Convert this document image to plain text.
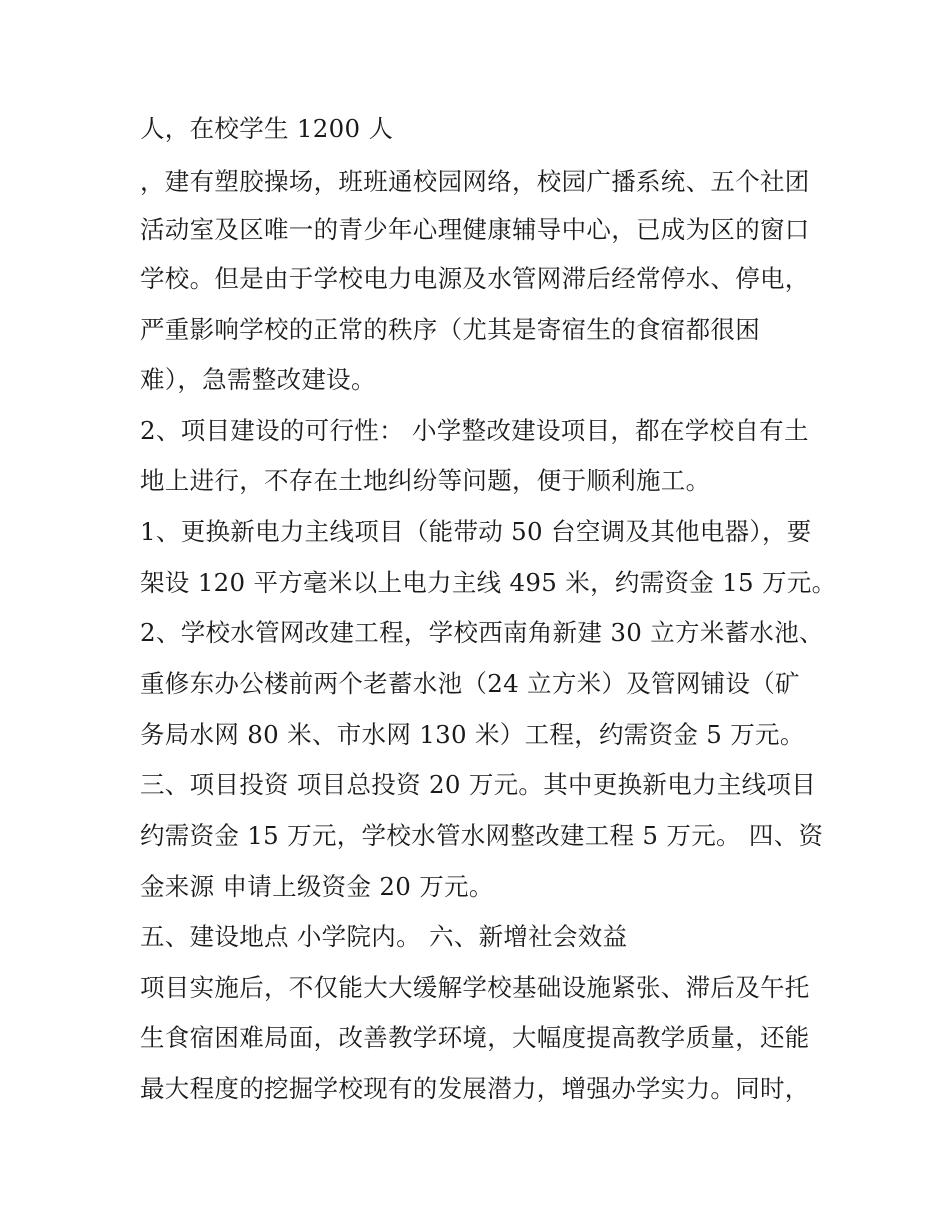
人，在校学生 1200 人
，建有塑胶操场，班班通校园网络，校园广播系统、五个社团
活动室及区唯一的青少年心理健康辅导中心，已成为区的窗口
学校。但是由于学校电力电源及水管网滞后经常停水、停电，
严重影响学校的正常的秩序（尤其是寄宿生的食宿都很困
难），急需整改建设。
2、项目建设的可行性： 小学整改建设项目，都在学校自有土
地上进行，不存在土地纠纷等问题，便于顺利施工。
1、更换新电力主线项目（能带动 50 台空调及其他电器），要
架设 120 平方毫米以上电力主线 495 米，约需资金 15 万元。
2、学校水管网改建工程，学校西南角新建 30 立方米蓄水池、
重修东办公楼前两个老蓄水池（24 立方米）及管网铺设（矿
务局水网 80 米、市水网 130 米）工程，约需资金 5 万元。
三、项目投资 项目总投资 20 万元。其中更换新电力主线项目
约需资金 15 万元，学校水管水网整改建工程 5 万元。 四、资
金来源 申请上级资金 20 万元。
五、建设地点 小学院内。 六、新增社会效益
项目实施后，不仅能大大缓解学校基础设施紧张、滞后及午托
生食宿困难局面，改善教学环境，大幅度提高教学质量，还能
最大程度的挖掘学校现有的发展潜力，增强办学实力。同时，
